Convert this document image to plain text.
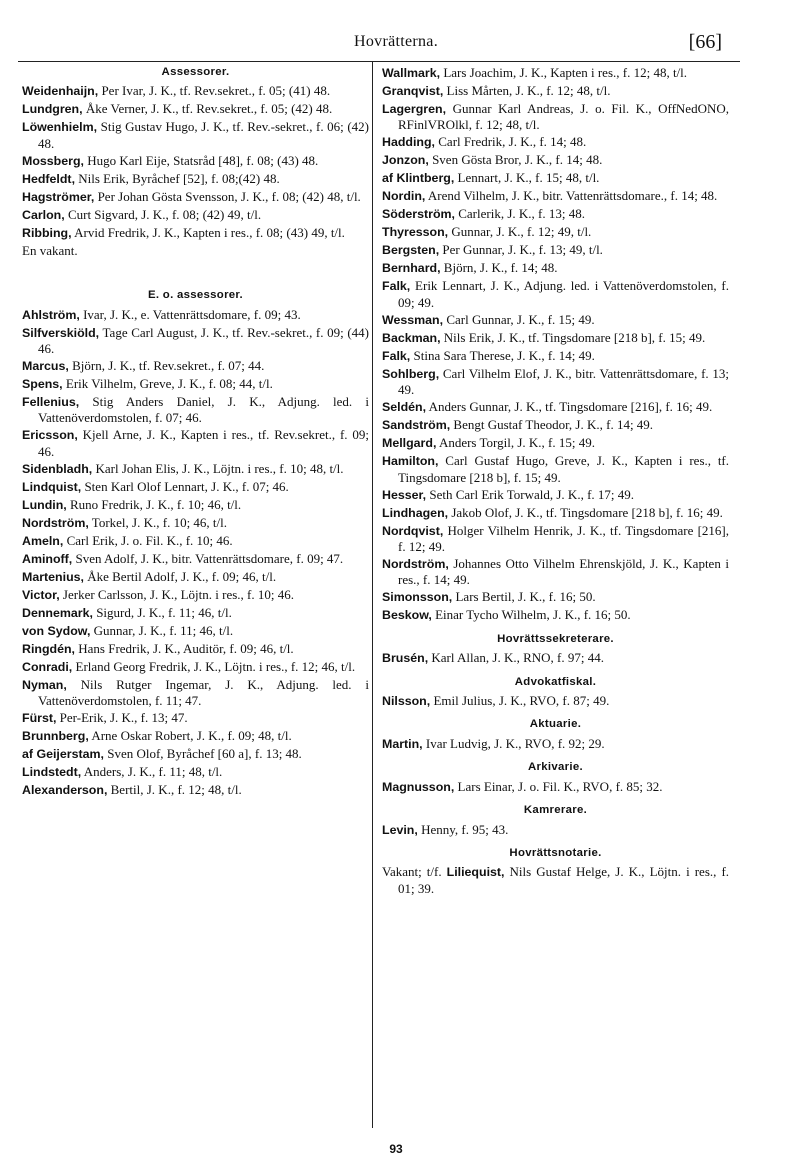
Hovrätterna.	[66]
Assessorer.
Weidenhaijn, Per Ivar, J. K., tf. Rev.sekret., f. 05; (41) 48.
Lundgren, Åke Verner, J. K., tf. Rev.sekret., f. 05; (42) 48.
Löwenhielm, Stig Gustav Hugo, J. K., tf. Rev.-sekret., f. 06; (42) 48.
Mossberg, Hugo Karl Eije, Statsråd [48], f. 08; (43) 48.
Hedfeldt, Nils Erik, Byråchef [52], f. 08;(42) 48.
Hagströmer, Per Johan Gösta Svensson, J. K., f. 08; (42) 48, t/l.
Carlon, Curt Sigvard, J. K., f. 08; (42) 49, t/l.
Ribbing, Arvid Fredrik, J. K., Kapten i res., f. 08; (43) 49, t/l.
En vakant.
E. o. assessorer.
Ahlström, Ivar, J. K., e. Vattenrättsdomare, f. 09; 43.
Silfverskiöld, Tage Carl August, J. K., tf. Rev.-sekret., f. 09; (44) 46.
Marcus, Björn, J. K., tf. Rev.sekret., f. 07; 44.
Spens, Erik Vilhelm, Greve, J. K., f. 08; 44, t/l.
Fellenius, Stig Anders Daniel, J. K., Adjung. led. i Vattenöverdomstolen, f. 07; 46.
Ericsson, Kjell Arne, J. K., Kapten i res., tf. Rev.sekret., f. 09; 46.
Sidenbladh, Karl Johan Elis, J. K., Löjtn. i res., f. 10; 48, t/l.
Lindquist, Sten Karl Olof Lennart, J. K., f. 07; 46.
Lundin, Runo Fredrik, J. K., f. 10; 46, t/l.
Nordström, Torkel, J. K., f. 10; 46, t/l.
Ameln, Carl Erik, J. o. Fil. K., f. 10; 46.
Aminoff, Sven Adolf, J. K., bitr. Vattenrättsdomare, f. 09; 47.
Martenius, Åke Bertil Adolf, J. K., f. 09; 46, t/l.
Victor, Jerker Carlsson, J. K., Löjtn. i res., f. 10; 46.
Dennemark, Sigurd, J. K., f. 11; 46, t/l.
von Sydow, Gunnar, J. K., f. 11; 46, t/l.
Ringdén, Hans Fredrik, J. K., Auditör, f. 09; 46, t/l.
Conradi, Erland Georg Fredrik, J. K., Löjtn. i res., f. 12; 46, t/l.
Nyman, Nils Rutger Ingemar, J. K., Adjung. led. i Vattenöverdomstolen, f. 11; 47.
Fürst, Per-Erik, J. K., f. 13; 47.
Brunnberg, Arne Oskar Robert, J. K., f. 09; 48, t/l.
af Geijerstam, Sven Olof, Byråchef [60 a], f. 13; 48.
Lindstedt, Anders, J. K., f. 11; 48, t/l.
Alexanderson, Bertil, J. K., f. 12; 48, t/l.
Wallmark, Lars Joachim, J. K., Kapten i res., f. 12; 48, t/l.
Granqvist, Liss Mårten, J. K., f. 12; 48, t/l.
Lagergren, Gunnar Karl Andreas, J. o. Fil. K., OffNedONO, RFinlVROlkl, f. 12; 48, t/l.
Hadding, Carl Fredrik, J. K., f. 14; 48.
Jonzon, Sven Gösta Bror, J. K., f. 14; 48.
af Klintberg, Lennart, J. K., f. 15; 48, t/l.
Nordin, Arend Vilhelm, J. K., bitr. Vattenrättsdomare., f. 14; 48.
Söderström, Carlerik, J. K., f. 13; 48.
Thyresson, Gunnar, J. K., f. 12; 49, t/l.
Bergsten, Per Gunnar, J. K., f. 13; 49, t/l.
Bernhard, Björn, J. K., f. 14; 48.
Falk, Erik Lennart, J. K., Adjung. led. i Vattenöverdomstolen, f. 09; 49.
Wessman, Carl Gunnar, J. K., f. 15; 49.
Backman, Nils Erik, J. K., tf. Tingsdomare [218 b], f. 15; 49.
Falk, Stina Sara Therese, J. K., f. 14; 49.
Sohlberg, Carl Vilhelm Elof, J. K., bitr. Vattenrättsdomare, f. 13; 49.
Seldén, Anders Gunnar, J. K., tf. Tingsdomare [216], f. 16; 49.
Sandström, Bengt Gustaf Theodor, J. K., f. 14; 49.
Mellgard, Anders Torgil, J. K., f. 15; 49.
Hamilton, Carl Gustaf Hugo, Greve, J. K., Kapten i res., tf. Tingsdomare [218 b], f. 15; 49.
Hesser, Seth Carl Erik Torwald, J. K., f. 17; 49.
Lindhagen, Jakob Olof, J. K., tf. Tingsdomare [218 b], f. 16; 49.
Nordqvist, Holger Vilhelm Henrik, J. K., tf. Tingsdomare [216], f. 12; 49.
Nordström, Johannes Otto Vilhelm Ehrenskjöld, J. K., Kapten i res., f. 14; 49.
Simonsson, Lars Bertil, J. K., f. 16; 50.
Beskow, Einar Tycho Wilhelm, J. K., f. 16; 50.
Hovrättssekreterare.
Brusén, Karl Allan, J. K., RNO, f. 97; 44.
Advokatfiskal.
Nilsson, Emil Julius, J. K., RVO, f. 87; 49.
Aktuarie.
Martin, Ivar Ludvig, J. K., RVO, f. 92; 29.
Arkivarie.
Magnusson, Lars Einar, J. o. Fil. K., RVO, f. 85; 32.
Kamrerare.
Levin, Henny, f. 95; 43.
Hovrättsnotarie.
Vakant; t/f. Liliequist, Nils Gustaf Helge, J. K., Löjtn. i res., f. 01; 39.
93
